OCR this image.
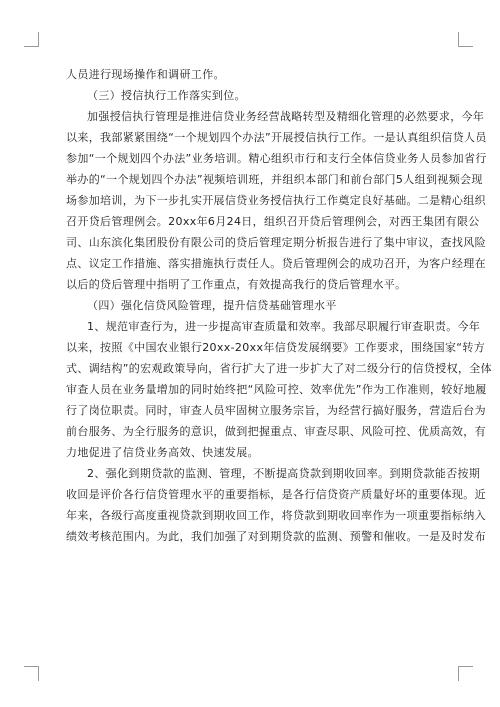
人员进行现场操作和调研工作。
（三）授信执行工作落实到位。
加强授信执行管理是推进信贷业务经营战略转型及精细化管理的必然要求，今年
以来，我部紧紧围绕“一个规划四个办法”开展授信执行工作。一是认真组织信贷人员
参加“一个规划四个办法”业务培训。精心组织市行和支行全体信贷业务人员参加省行
举办的“一个规划四个办法”视频培训班，并组织本部门和前台部门5人组到视频会现
场参加培训，为下一步扎实开展信贷业务授信执行工作奠定良好基础。二是精心组织
召开贷后管理例会。20xx年6月24日，组织召开贷后管理例会，对西王集团有限公
司、山东滨化集团股份有限公司的贷后管理定期分析报告进行了集中审议，查找风险
点、议定工作措施、落实措施执行责任人。贷后管理例会的成功召开，为客户经理在
以后的贷后管理中指明了工作重点，有效提高我行的贷后管理水平。
（四）强化信贷风险管理，提升信贷基础管理水平
1、规范审查行为，进一步提高审查质量和效率。我部尽职履行审查职责。今年
以来，按照《中国农业银行20xx-20xx年信贷发展纲要》工作要求，围绕国家“转方
式、调结构”的宏观政策导向，省行扩大了进一步扩大了对二级分行的信贷授权，全体
审查人员在业务量增加的同时始终把“风险可控、效率优先”作为工作准则，较好地履
行了岗位职责。同时，审查人员牢固树立服务宗旨，为经营行搞好服务，营造后台为
前台服务、为全行服务的意识，做到把握重点、审查尽职、风险可控、优质高效，有
力地促进了信贷业务高效、快速发展。
2、强化到期贷款的监测、管理，不断提高贷款到期收回率。到期贷款能否按期
收回是评价各行信贷管理水平的重要指标，是各行信贷资产质量好坏的重要体现。近
年来，各级行高度重视贷款到期收回工作，将贷款到期收回率作为一项重要指标纳入
绩效考核范围内。为此，我们加强了对到期贷款的监测、预警和催收。一是及时发布
